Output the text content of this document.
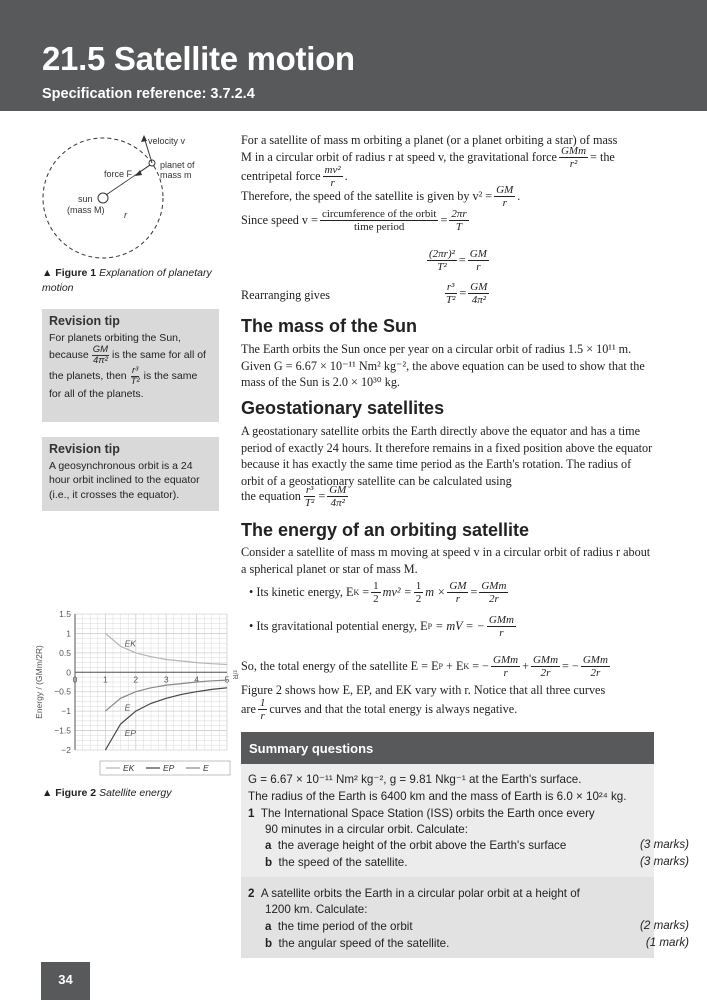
21.5 Satellite motion
Specification reference: 3.7.2.4
velocity v
planet of
mass m
force F
sun
(mass M) r
▲ Figure 1 Explanation of planetary motion
Revision tip
For planets orbiting the Sun,
because $\frac{GM}{\text{4π²}}$ is the same for all of
the planets, then $\frac{\text{r³}}{\text{T²}}$ is the same
for all of the planets.
Revision tip
A geosynchronous orbit is a 24 hour orbit inclined to the equator (i.e., it crosses the equator).
1.5
1
0.5
0
−0.5
−1
−1.5
−2
0	1	2	3	4	5
Energy / (GMm/2R)	r/R
EK
EP
E
EK	EP	E
▲ Figure 2 Satellite energy
For a satellite of mass m orbiting a planet (or a planet orbiting a star) of mass
M in a circular orbit of radius r at speed v, the gravitational force $\frac{\text{GMm}}{\text{r²}}$ = the
centripetal force $\frac{\text{mv²}}{r}$ .
Therefore, the speed of the satellite is given by $v^2 = \frac{GM}{r}$ .
Since speed $v = \frac{\text{circumference of the orbit}}{\text{time period}} = \frac{2\pi r}{T}$
$\frac{\text{(2πr)²}}{\text{T²}} = \frac{GM}{r}$
Rearranging gives	$\frac{\text{r³}}{\text{T²}} = \frac{GM}{\text{4π²}}$
The mass of the Sun
The Earth orbits the Sun once per year on a circular orbit of radius 1.5 × 10¹¹ m. Given G = 6.67 × 10⁻¹¹ Nm² kg⁻², the above equation can be used to show that the mass of the Sun is 2.0 × 10³⁰ kg.
Geostationary satellites
A geostationary satellite orbits the Earth directly above the equator and has a time period of exactly 24 hours. It therefore remains in a fixed position above the equator because it has exactly the same time period as the Earth's rotation. The radius of orbit of a geostationary satellite can be calculated using
the equation $\frac{\text{r³}}{\text{T²}} = \frac{GM}{\text{4π²}}$
The energy of an orbiting satellite
Consider a satellite of mass m moving at speed v in a circular orbit of radius r about a spherical planet or star of mass M.
• Its kinetic energy, E K
= $\frac{1}{2} mv^2 = \frac{1}{2}$ $m \times \frac{GM}{r} = \frac{\text{GMm}}{2r}$
• Its gravitational potential energy, E P
= mV = − $\frac{\text{GMm}}{r}$
So, the total energy of the satellite E = E P
+ E K
= − $\frac{\text{GMm}}{r} + \frac{\text{GMm}}{2r}$ = − $\frac{\text{GMm}}{2r}$
Figure 2 shows how E, EP, and EK vary with r. Notice that all three curves
are $\frac{1}{r}$ curves and that the total energy is always negative.
Summary questions
G = 6.67 × 10⁻¹¹ Nm² kg⁻², g = 9.81 Nkg⁻¹ at the Earth's surface.
The radius of the Earth is 6400 km and the mass of Earth is 6.0 × 10²⁴ kg.
1 The International Space Station (ISS) orbits the Earth once every
90 minutes in a circular orbit. Calculate:
a the average height of the orbit above the Earth's surface	(3 marks)
b the speed of the satellite.	(3 marks)
2 A satellite orbits the Earth in a circular polar orbit at a height of
1200 km. Calculate:
a the time period of the orbit	(2 marks)
b the angular speed of the satellite.	(1 mark)
34
